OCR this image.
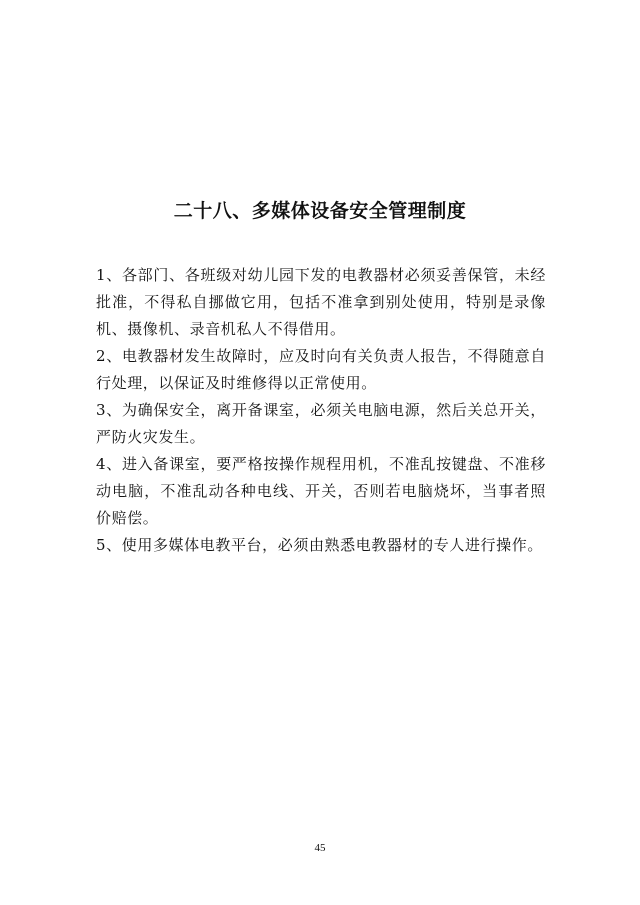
二十八、多媒体设备安全管理制度

1、各部门、各班级对幼儿园下发的电教器材必须妥善保管，未经批准，不得私自挪做它用，包括不准拿到别处使用，特别是录像机、摄像机、录音机私人不得借用。

2、电教器材发生故障时，应及时向有关负责人报告，不得随意自行处理，以保证及时维修得以正常使用。

3、为确保安全，离开备课室，必须关电脑电源，然后关总开关，严防火灾发生。

4、进入备课室，要严格按操作规程用机，不准乱按键盘、不准移动电脑，不准乱动各种电线、开关，否则若电脑烧坏，当事者照价赔偿。

5、使用多媒体电教平台，必须由熟悉电教器材的专人进行操作。

45
